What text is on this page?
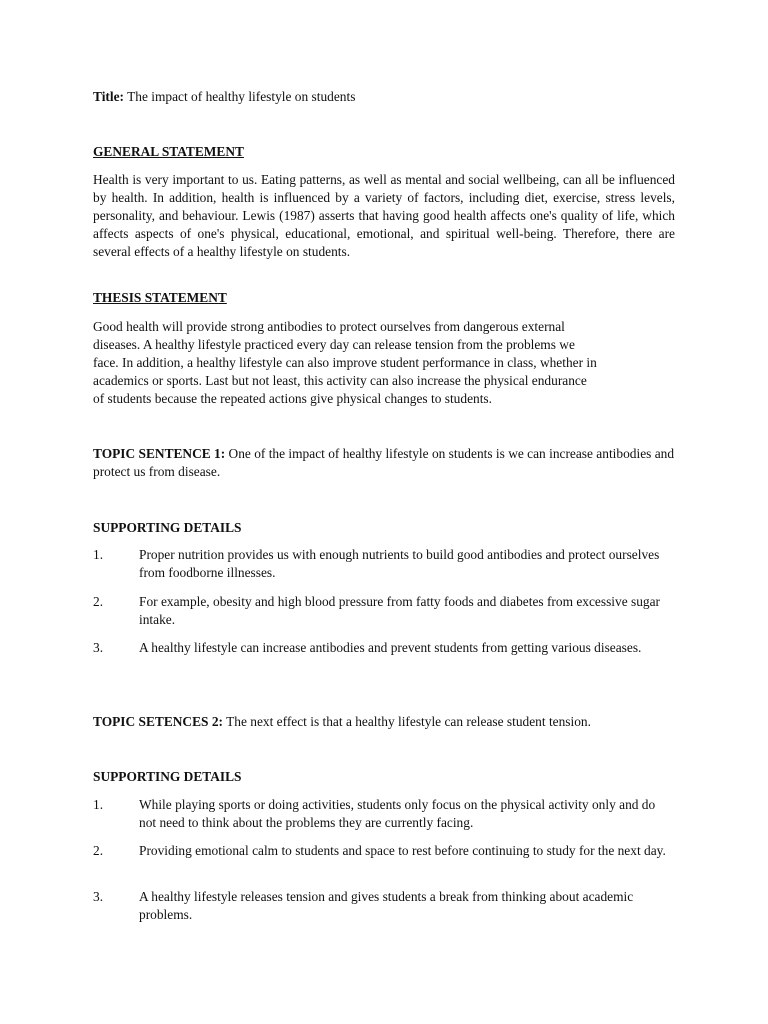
Title: The impact of healthy lifestyle on students

GENERAL STATEMENT

Health is very important to us. Eating patterns, as well as mental and social wellbeing, can all be influenced by health. In addition, health is influenced by a variety of factors, including diet, exercise, stress levels, personality, and behaviour. Lewis (1987) asserts that having good health affects one's quality of life, which affects aspects of one's physical, educational, emotional, and spiritual well-being. Therefore, there are several effects of a healthy lifestyle on students.

THESIS STATEMENT

Good health will provide strong antibodies to protect ourselves from dangerous external
diseases. A healthy lifestyle practiced every day can release tension from the problems we
face. In addition, a healthy lifestyle can also improve student performance in class, whether in
academics or sports. Last but not least, this activity can also increase the physical endurance
of students because the repeated actions give physical changes to students.

TOPIC SENTENCE 1: One of the impact of healthy lifestyle on students is we can increase antibodies and protect us from disease.

SUPPORTING DETAILS

1.	Proper nutrition provides us with enough nutrients to build good antibodies and protect ourselves from foodborne illnesses.

2.	For example, obesity and high blood pressure from fatty foods and diabetes from excessive sugar intake.

3.	A healthy lifestyle can increase antibodies and prevent students from getting various diseases.

TOPIC SETENCES 2: The next effect is that a healthy lifestyle can release student tension.

SUPPORTING DETAILS

1.	While playing sports or doing activities, students only focus on the physical activity only and do not need to think about the problems they are currently facing.

2.	Providing emotional calm to students and space to rest before continuing to study for the next day.

3.	A healthy lifestyle releases tension and gives students a break from thinking about academic problems.
